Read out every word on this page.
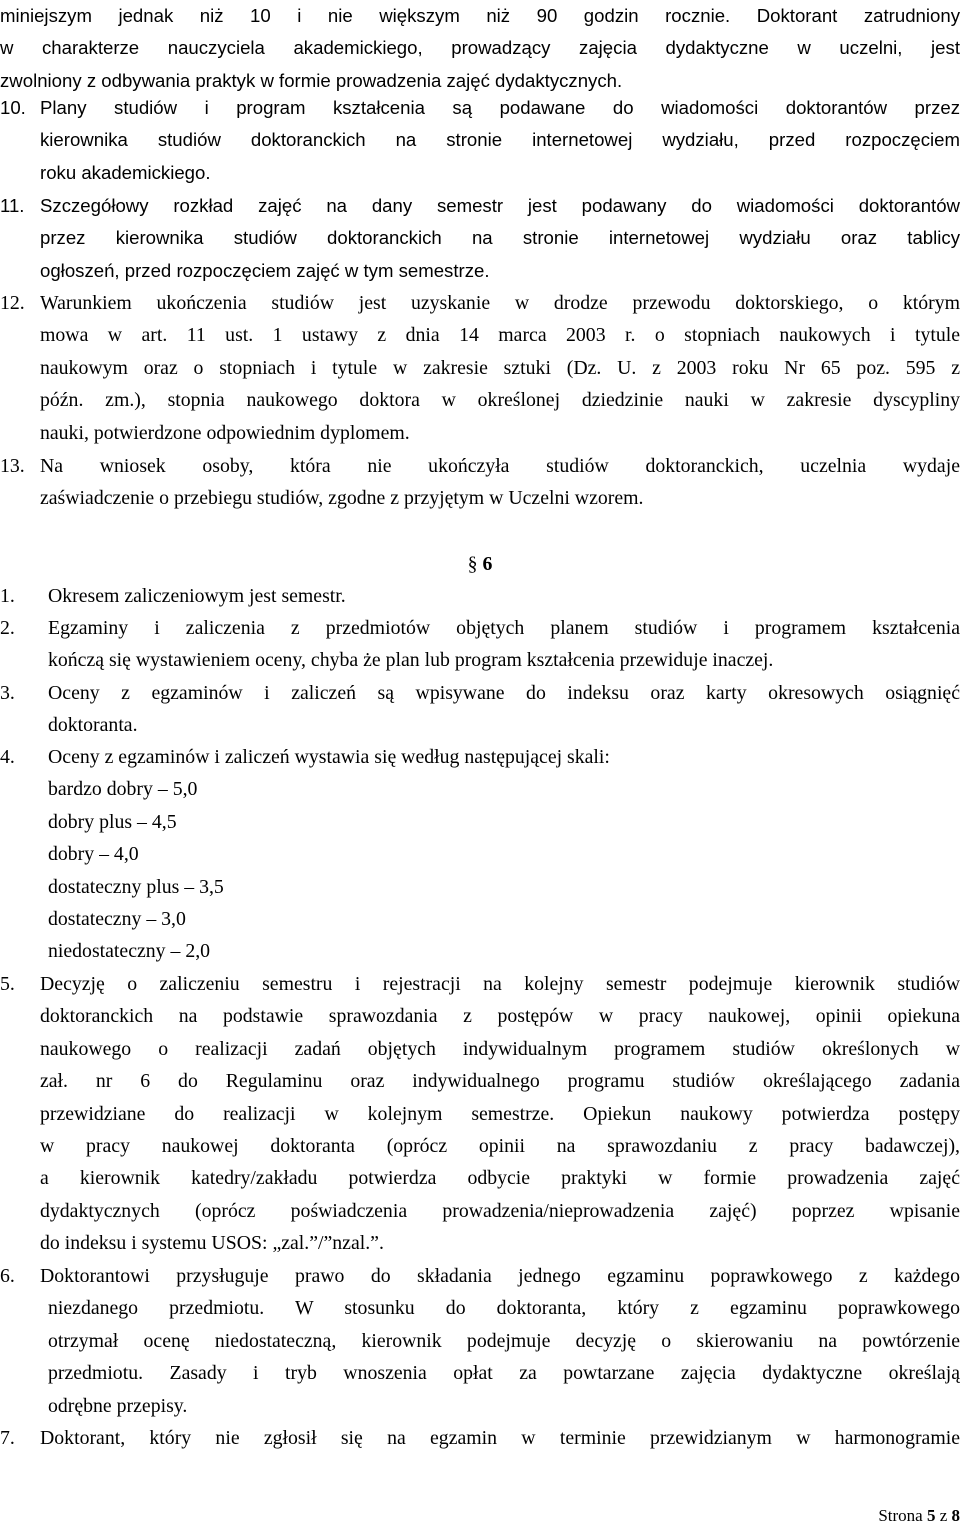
miniejszym jednak niż 10 i nie większym niż 90 godzin rocznie. Doktorant zatrudniony
w charakterze nauczyciela akademickiego, prowadzący zajęcia dydaktyczne w uczelni, jest
zwolniony z odbywania praktyk w formie prowadzenia zajęć dydaktycznych.
10. Plany studiów i program kształcenia są podawane do wiadomości doktorantów przez
kierownika studiów doktoranckich na stronie internetowej wydziału, przed rozpoczęciem
roku akademickiego.
11. Szczegółowy rozkład zajęć na dany semestr jest podawany do wiadomości doktorantów
przez kierownika studiów doktoranckich na stronie internetowej wydziału oraz tablicy
ogłoszeń, przed rozpoczęciem zajęć w tym semestrze.
12. Warunkiem ukończenia studiów jest uzyskanie w drodze przewodu doktorskiego, o którym
mowa w art. 11 ust. 1 ustawy z dnia 14 marca 2003 r. o stopniach naukowych i tytule
naukowym oraz o stopniach i tytule w zakresie sztuki (Dz. U. z 2003 roku Nr 65 poz. 595 z
późn. zm.), stopnia naukowego doktora w określonej dziedzinie nauki w zakresie dyscypliny
nauki, potwierdzone odpowiednim dyplomem.
13. Na wniosek osoby, która nie ukończyła studiów doktoranckich, uczelnia wydaje
zaświadczenie o przebiegu studiów, zgodne z przyjętym w Uczelni wzorem.
§ 6
1. Okresem zaliczeniowym jest semestr.
2. Egzaminy i zaliczenia z przedmiotów objętych planem studiów i programem kształcenia
kończą się wystawieniem oceny, chyba że plan lub program kształcenia przewiduje inaczej.
3. Oceny z egzaminów i zaliczeń są wpisywane do indeksu oraz karty okresowych osiągnięć
doktoranta.
4. Oceny z egzaminów i zaliczeń wystawia się według następującej skali:
bardzo dobry – 5,0
dobry plus – 4,5
dobry – 4,0
dostateczny plus – 3,5
dostateczny – 3,0
niedostateczny – 2,0
5. Decyzję o zaliczeniu semestru i rejestracji na kolejny semestr podejmuje kierownik studiów
doktoranckich na podstawie sprawozdania z postępów w pracy naukowej, opinii opiekuna
naukowego o realizacji zadań objętych indywidualnym programem studiów określonych w
zał. nr 6 do Regulaminu oraz indywidualnego programu studiów określającego zadania
przewidziane do realizacji w kolejnym semestrze. Opiekun naukowy potwierdza postępy
w pracy naukowej doktoranta (oprócz opinii na sprawozdaniu z pracy badawczej),
a kierownik katedry/zakładu potwierdza odbycie praktyki w formie prowadzenia zajęć
dydaktycznych (oprócz poświadczenia prowadzenia/nieprowadzenia zajęć) poprzez wpisanie
do indeksu i systemu USOS: „zal.”/”nzal.”.
6. Doktorantowi przysługuje prawo do składania jednego egzaminu poprawkowego z każdego
niezdanego przedmiotu. W stosunku do doktoranta, który z egzaminu poprawkowego
otrzymał ocenę niedostateczną, kierownik podejmuje decyzję o skierowaniu na powtórzenie
przedmiotu. Zasady i tryb wnoszenia opłat za powtarzane zajęcia dydaktyczne określają
odrębne przepisy.
7. Doktorant, który nie zgłosił się na egzamin w terminie przewidzianym w harmonogramie
Strona 5 z 8
